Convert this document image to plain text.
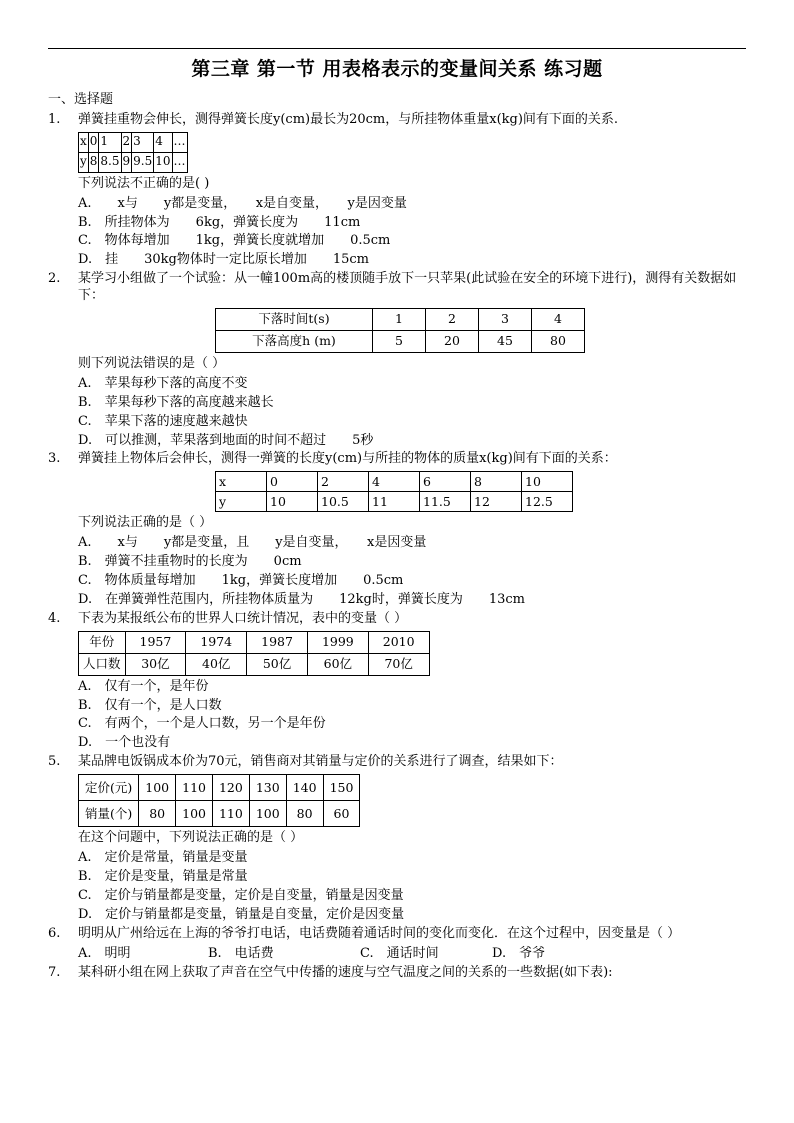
第三章 第一节 用表格表示的变量间关系 练习题
一、选择题
1. 弹簧挂重物会伸长，测得弹簧长度y(cm)最长为20cm，与所挂物体重量x(kg)间有下面的关系.

x	0	1	2	3	4	…
y	8	8.5	9	9.5	10	…

下列说法不正确的是( )

A.　　x与　　y都是变量，　　x是自变量，　　y是因变量
B.　所挂物体为　　6kg，弹簧长度为　　11cm
C.　物体每增加　　1kg，弹簧长度就增加　　0.5cm
D.　挂　　30kg物体时一定比原长增加　　15cm
2. 某学习小组做了一个试验：从一幢100m高的楼顶随手放下一只苹果(此试验在安全的环境下进行)，测得有关数据如下：

下落时间t(s)	1	2	3	4
下落高度h (m)	5	20	45	80

则下列说法错误的是（ ）

A.　苹果每秒下落的高度不变
B.　苹果每秒下落的高度越来越长
C.　苹果下落的速度越来越快
D.　可以推测，苹果落到地面的时间不超过　　5秒
3. 弹簧挂上物体后会伸长，测得一弹簧的长度y(cm)与所挂的物体的质量x(kg)间有下面的关系：

x	0	2	4	6	8	10
y	10	10.5	11	11.5	12	12.5

下列说法正确的是（ ）

A.　　x与　　y都是变量，且　　y是自变量，　　x是因变量
B.　弹簧不挂重物时的长度为　　0cm
C.　物体质量每增加　　1kg，弹簧长度增加　　0.5cm
D.　在弹簧弹性范围内，所挂物体质量为　　12kg时，弹簧长度为　　13cm
4. 下表为某报纸公布的世界人口统计情况，表中的变量（ ）

年份	1957	1974	1987	1999	2010
人口数	30亿	40亿	50亿	60亿	70亿
A.　仅有一个，是年份
B.　仅有一个，是人口数
C.　有两个，一个是人口数，另一个是年份
D.　一个也没有
5. 某品牌电饭锅成本价为70元，销售商对其销量与定价的关系进行了调查，结果如下：

定价(元)	100	110	120	130	140	150
销量(个)	80	100	110	100	80	60

在这个问题中，下列说法正确的是（ ）

A.　定价是常量，销量是变量
B.　定价是变量，销量是常量
C.　定价与销量都是变量，定价是自变量，销量是因变量
D.　定价与销量都是变量，销量是自变量，定价是因变量
6. 明明从广州给远在上海的爷爷打电话，电话费随着通话时间的变化而变化．在这个过程中，因变量是（ ）

A.　明明	B.　电话费	C.　通话时间	D.　爷爷
7. 某科研小组在网上获取了声音在空气中传播的速度与空气温度之间的关系的一些数据(如下表):
